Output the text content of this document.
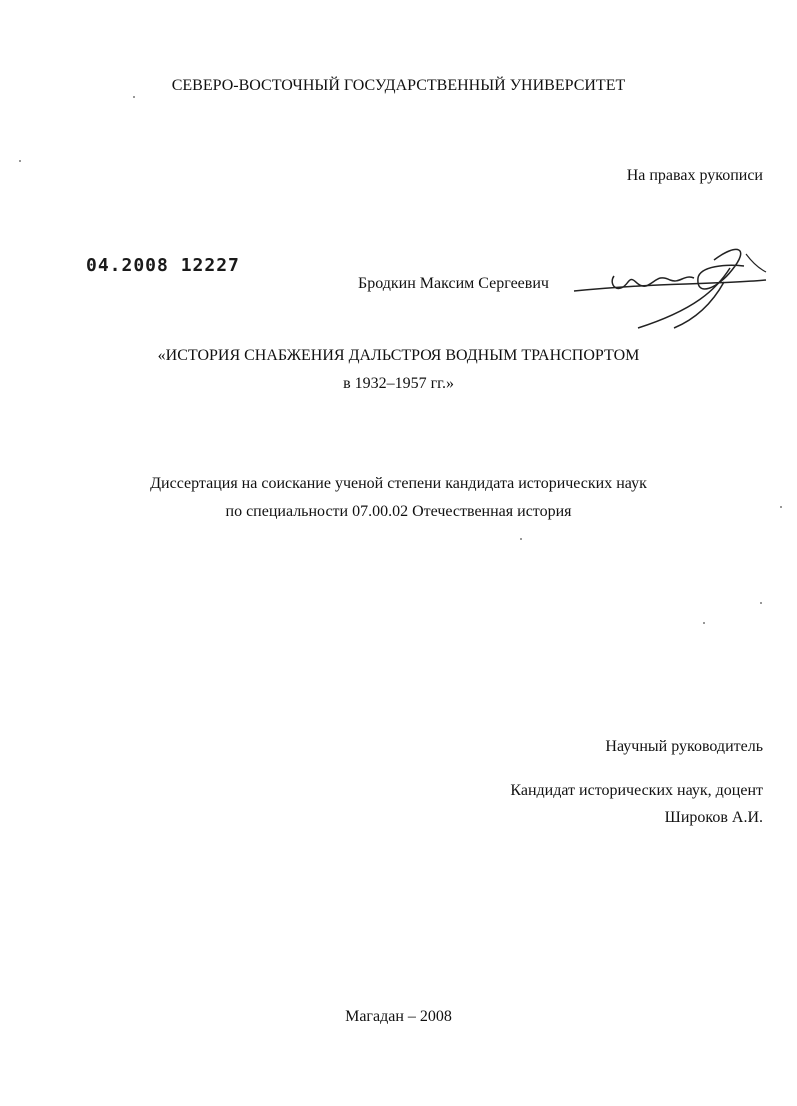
СЕВЕРО-ВОСТОЧНЫЙ ГОСУДАРСТВЕННЫЙ УНИВЕРСИТЕТ
На правах рукописи
04.2008 12227
Бродкин Максим Сергеевич
«ИСТОРИЯ СНАБЖЕНИЯ ДАЛЬСТРОЯ ВОДНЫМ ТРАНСПОРТОМ
в 1932–1957 гг.»
Диссертация на соискание ученой степени кандидата исторических наук
по специальности 07.00.02 Отечественная история
Научный руководитель
Кандидат исторических наук, доцент
Широков А.И.
Магадан – 2008
